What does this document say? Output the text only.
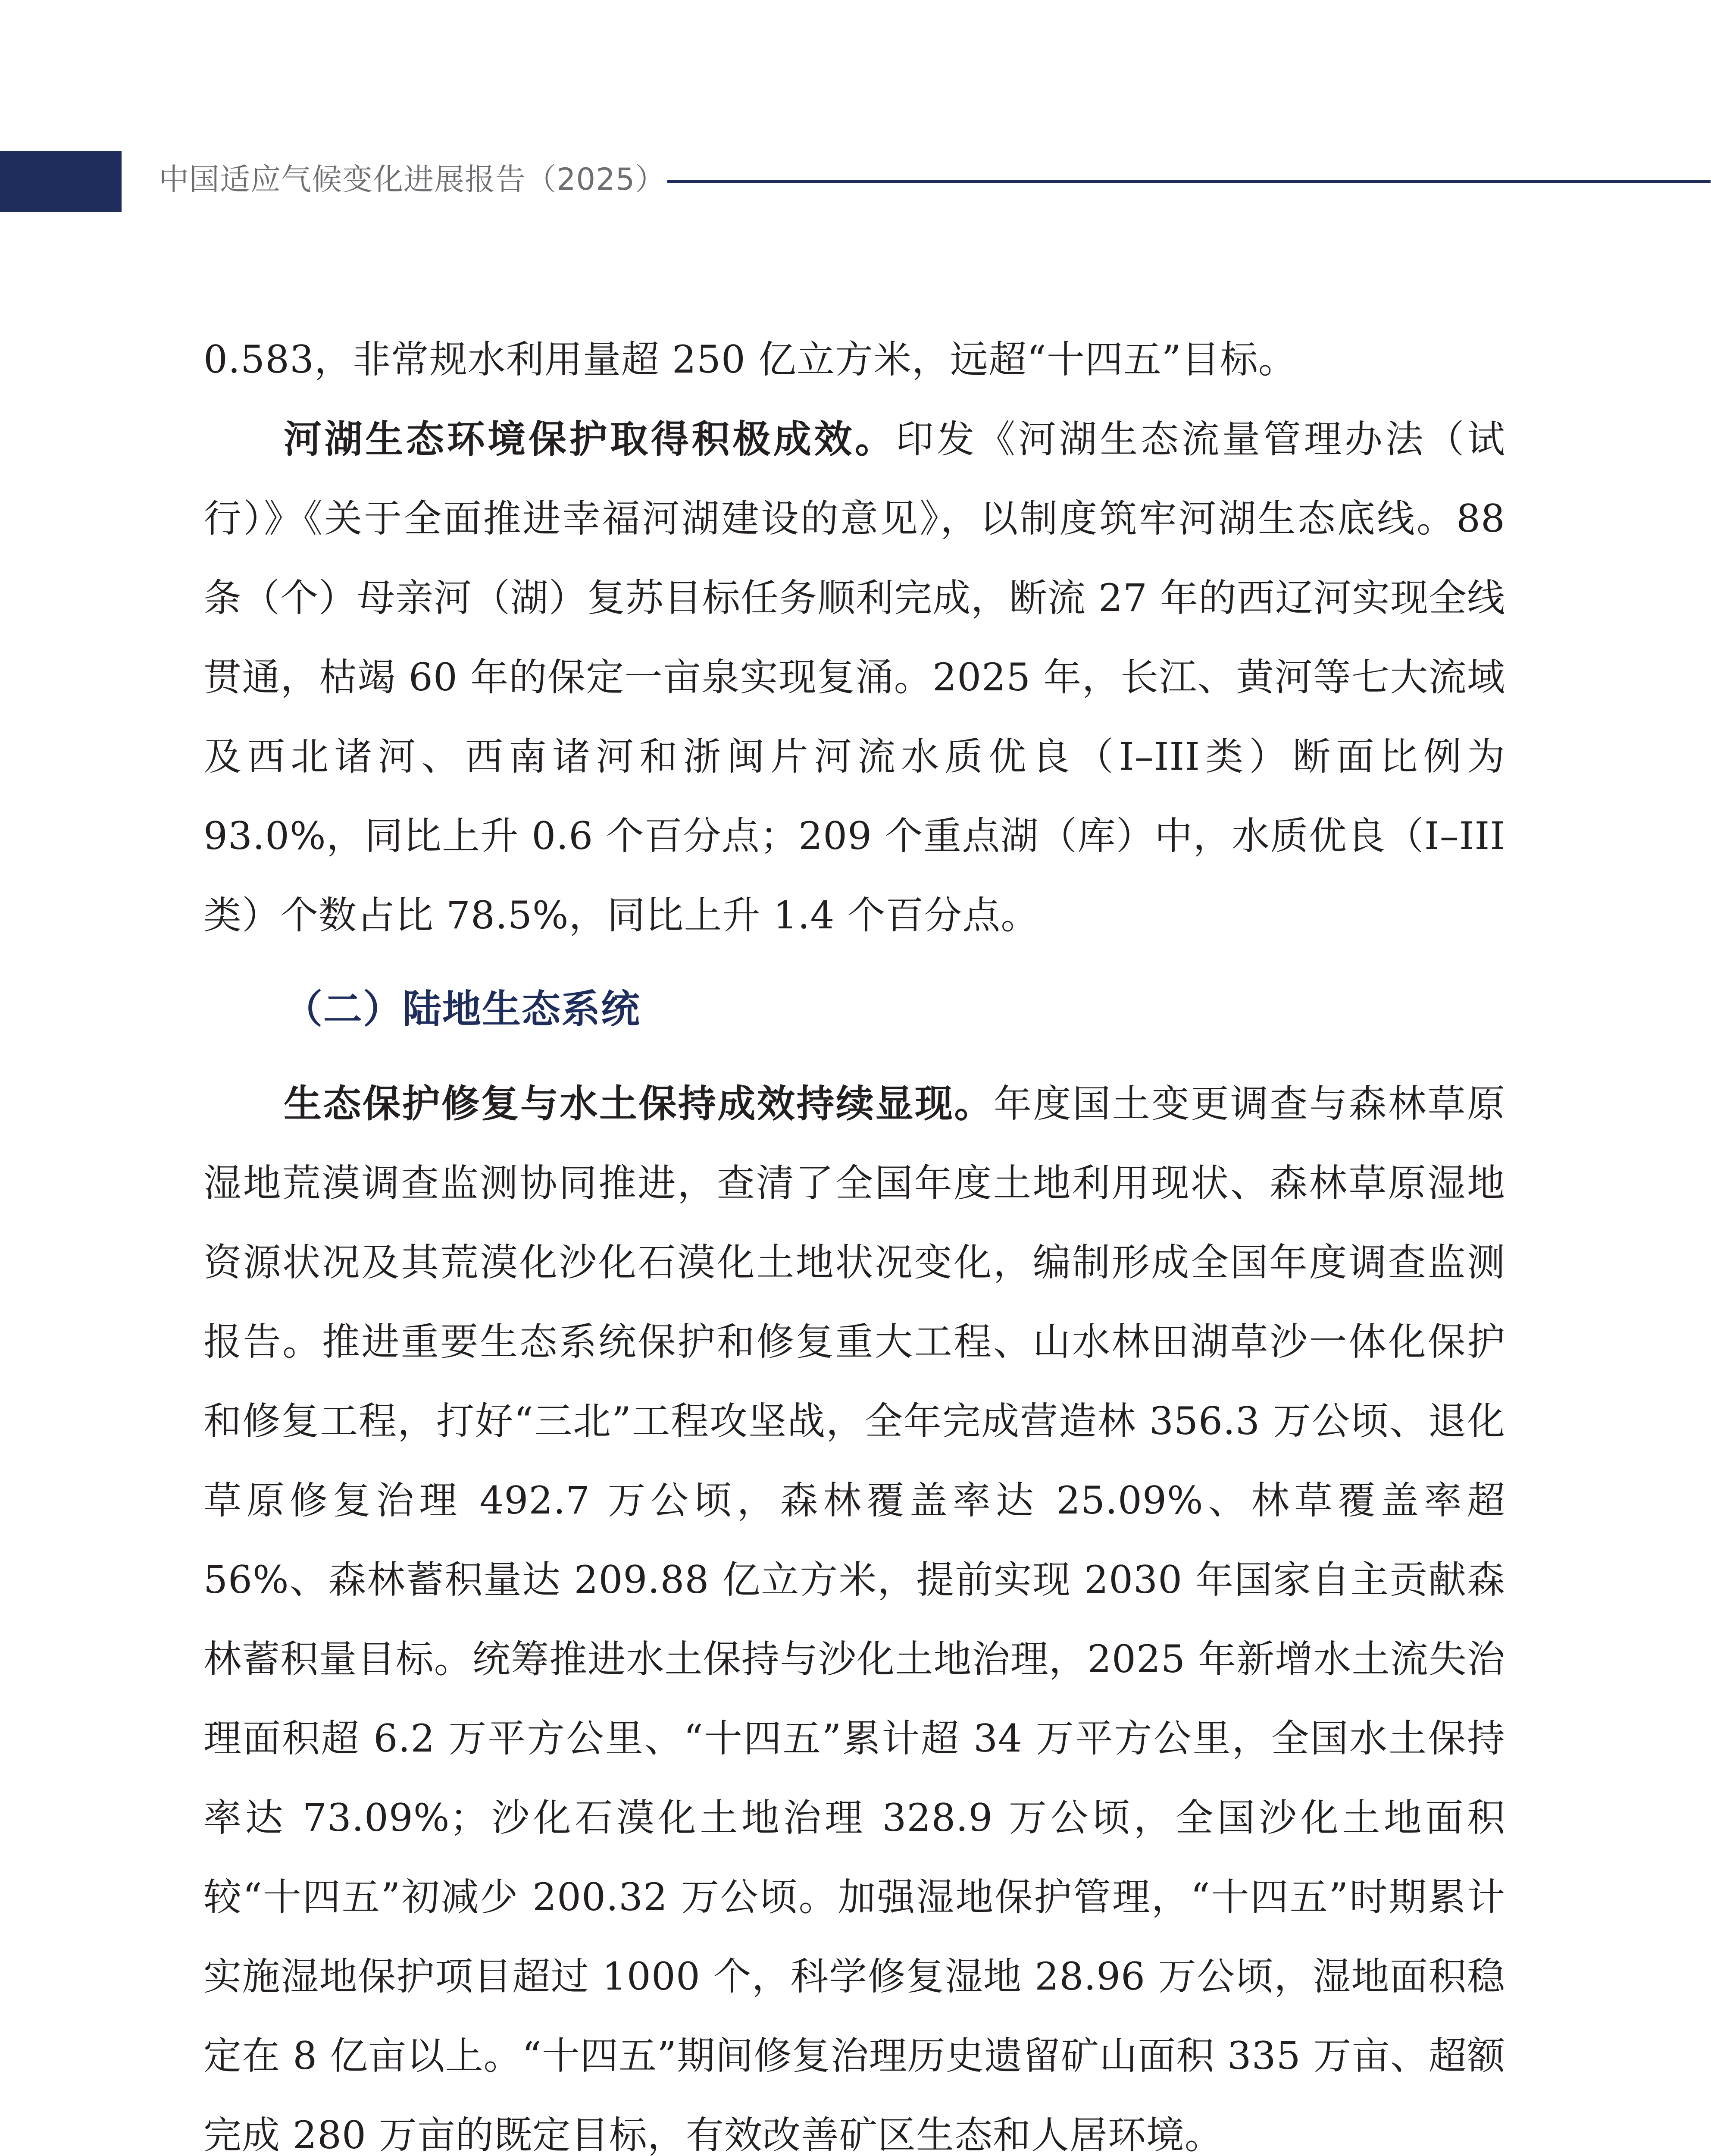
中国适应气候变化进展报告（2025）

0.583，非常规水利用量超 250 亿立方米，远超“十四五”目标。

河湖生态环境保护取得积极成效。印发《河湖生态流量管理办法（试行）》《关于全面推进幸福河湖建设的意见》，以制度筑牢河湖生态底线。88 条（个）母亲河（湖）复苏目标任务顺利完成，断流 27 年的西辽河实现全线贯通，枯竭 60 年的保定一亩泉实现复涌。2025 年，长江、黄河等七大流域及西北诸河、西南诸河和浙闽片河流水质优良（I–III类）断面比例为 93.0%，同比上升 0.6 个百分点；209 个重点湖（库）中，水质优良（I–III类）个数占比 78.5%，同比上升 1.4 个百分点。

（二）陆地生态系统

生态保护修复与水土保持成效持续显现。年度国土变更调查与森林草原湿地荒漠调查监测协同推进，查清了全国年度土地利用现状、森林草原湿地资源状况及其荒漠化沙化石漠化土地状况变化，编制形成全国年度调查监测报告。推进重要生态系统保护和修复重大工程、山水林田湖草沙一体化保护和修复工程，打好“三北”工程攻坚战，全年完成营造林 356.3 万公顷、退化草原修复治理 492.7 万公顷，森林覆盖率达 25.09%、林草覆盖率超 56%、森林蓄积量达 209.88 亿立方米，提前实现 2030 年国家自主贡献森林蓄积量目标。统筹推进水土保持与沙化土地治理，2025 年新增水土流失治理面积超 6.2 万平方公里、“十四五”累计超 34 万平方公里，全国水土保持率达 73.09%；沙化石漠化土地治理 328.9 万公顷，全国沙化土地面积较“十四五”初减少 200.32 万公顷。加强湿地保护管理，“十四五”时期累计实施湿地保护项目超过 1000 个，科学修复湿地 28.96 万公顷，湿地面积稳定在 8 亿亩以上。“十四五”期间修复治理历史遗留矿山面积 335 万亩、超额完成 280 万亩的既定目标，有效改善矿区生态和人居环境。
